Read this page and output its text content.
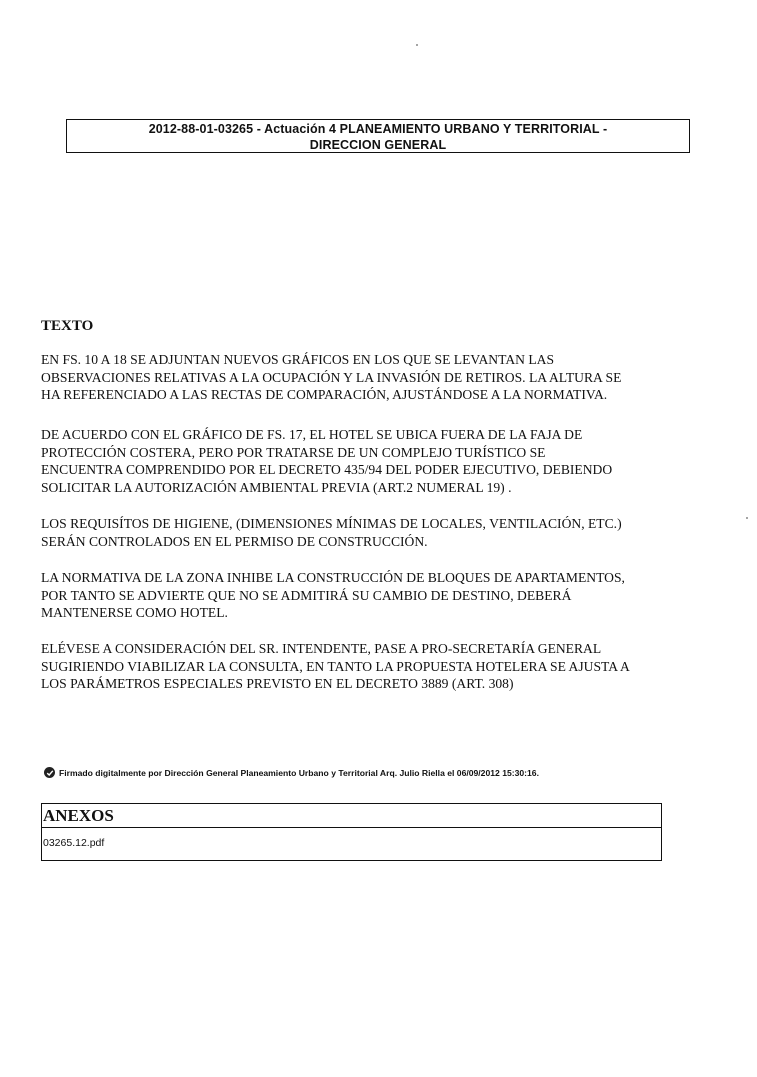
2012-88-01-03265 - Actuación 4 PLANEAMIENTO URBANO Y TERRITORIAL -
DIRECCION GENERAL
TEXTO
EN FS. 10 A 18 SE ADJUNTAN NUEVOS GRÁFICOS EN LOS QUE SE LEVANTAN LAS
OBSERVACIONES RELATIVAS A LA OCUPACIÓN Y LA INVASIÓN DE RETIROS. LA ALTURA SE
HA REFERENCIADO A LAS RECTAS DE COMPARACIÓN, AJUSTÁNDOSE A LA NORMATIVA.
DE ACUERDO CON EL GRÁFICO DE FS. 17, EL HOTEL SE UBICA FUERA DE LA FAJA DE
PROTECCIÓN COSTERA, PERO POR TRATARSE DE UN COMPLEJO TURÍSTICO SE
ENCUENTRA COMPRENDIDO POR EL DECRETO 435/94 DEL PODER EJECUTIVO, DEBIENDO
SOLICITAR LA AUTORIZACIÓN AMBIENTAL PREVIA (ART.2 NUMERAL 19) .
LOS REQUISÍTOS DE HIGIENE, (DIMENSIONES MÍNIMAS DE LOCALES, VENTILACIÓN, ETC.)
SERÁN CONTROLADOS EN EL PERMISO DE CONSTRUCCIÓN.
LA NORMATIVA DE LA ZONA INHIBE LA CONSTRUCCIÓN DE BLOQUES DE APARTAMENTOS,
POR TANTO SE ADVIERTE QUE NO SE ADMITIRÁ SU CAMBIO DE DESTINO, DEBERÁ
MANTENERSE COMO HOTEL.
ELÉVESE A CONSIDERACIÓN DEL SR. INTENDENTE, PASE A PRO-SECRETARÍA GENERAL
SUGIRIENDO VIABILIZAR LA CONSULTA, EN TANTO LA PROPUESTA HOTELERA SE AJUSTA A
LOS PARÁMETROS ESPECIALES PREVISTO EN EL DECRETO 3889 (ART. 308)
Firmado digitalmente por Dirección General Planeamiento Urbano y Territorial Arq. Julio Riella el 06/09/2012 15:30:16.
ANEXOS
03265.12.pdf
